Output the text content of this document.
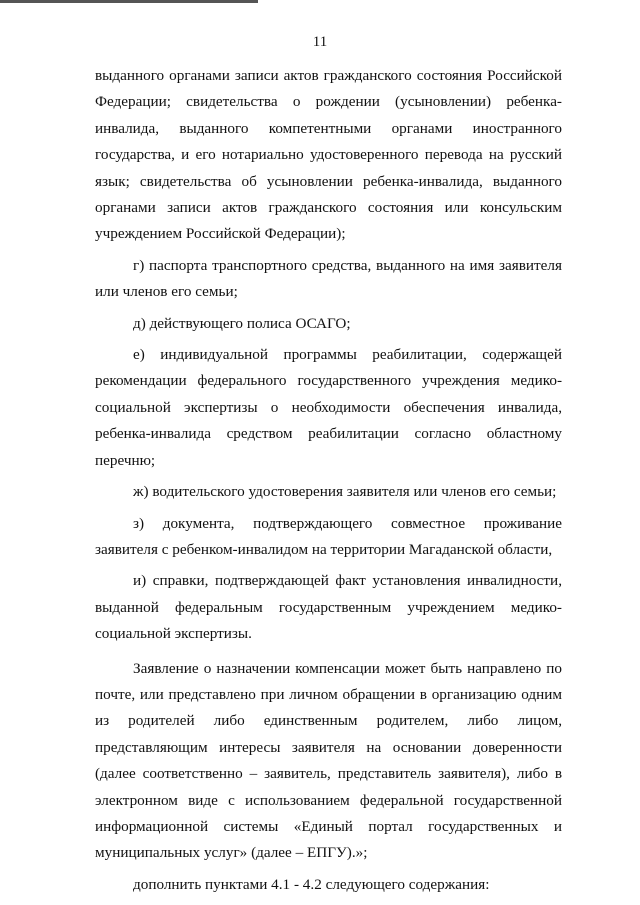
11

выданного органами записи актов гражданского состояния Российской Федерации; свидетельства о рождении (усыновлении) ребенка-инвалида, выданного компетентными органами иностранного государства, и его нотариально удостоверенного перевода на русский язык; свидетельства об усыновлении ребенка-инвалида, выданного органами записи актов гражданского состояния или консульским учреждением Российской Федерации);

г) паспорта транспортного средства, выданного на имя заявителя или членов его семьи;

д) действующего полиса ОСАГО;

е) индивидуальной программы реабилитации, содержащей рекомендации федерального государственного учреждения медико-социальной экспертизы о необходимости обеспечения инвалида, ребенка-инвалида средством реабилитации согласно областному перечню;

ж) водительского удостоверения заявителя или членов его семьи;

з) документа, подтверждающего совместное проживание заявителя с ребенком-инвалидом на территории Магаданской области,

и) справки, подтверждающей факт установления инвалидности, выданной федеральным государственным учреждением медико-социальной экспертизы.

Заявление о назначении компенсации может быть направлено по почте, или представлено при личном обращении в организацию одним из родителей либо единственным родителем, либо лицом, представляющим интересы заявителя на основании доверенности (далее соответственно – заявитель, представитель заявителя), либо в электронном виде с использованием федеральной государственной информационной системы «Единый портал государственных и муниципальных услуг» (далее – ЕПГУ).»;

дополнить пунктами 4.1 - 4.2 следующего содержания:
